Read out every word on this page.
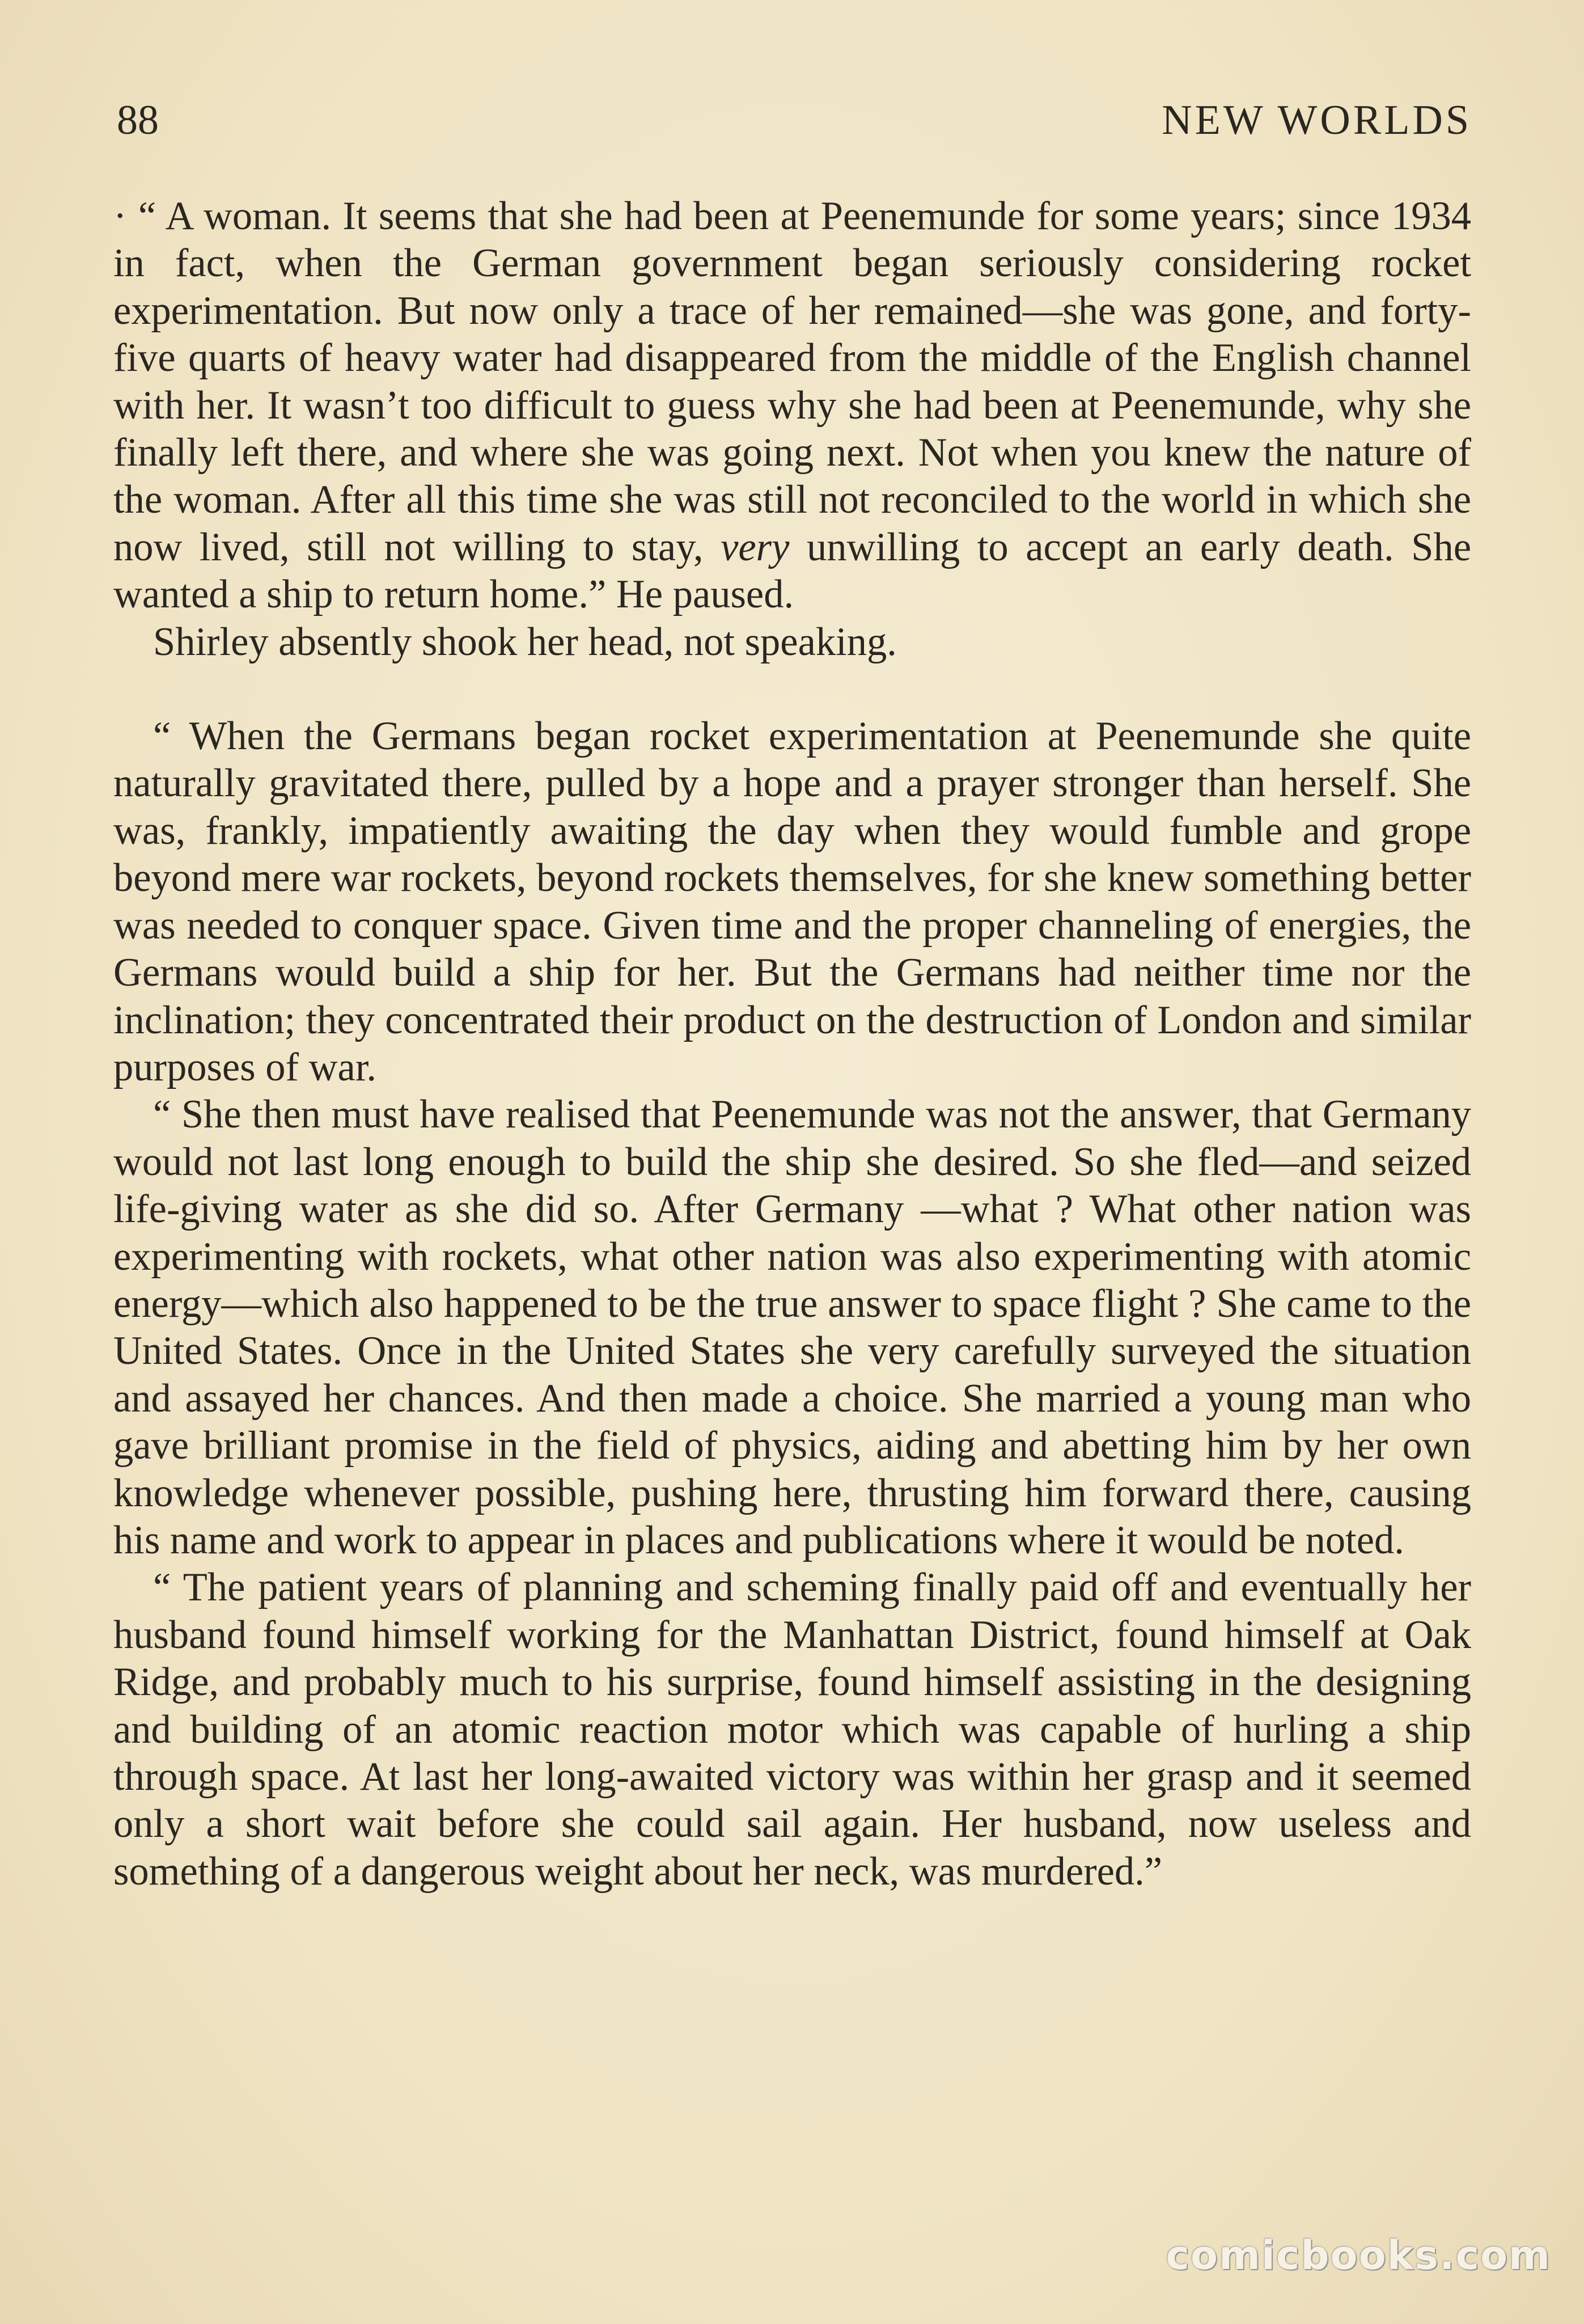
88	NEW WORLDS

· “ A woman. It seems that she had been at Peenemunde for some years; since 1934 in fact, when the German government began seriously considering rocket experimentation. But now only a trace of her remained—she was gone, and forty-five quarts of heavy water had disappeared from the middle of the English channel with her. It wasn’t too difficult to guess why she had been at Peenemunde, why she finally left there, and where she was going next. Not when you knew the nature of the woman. After all this time she was still not reconciled to the world in which she now lived, still not willing to stay, very unwilling to accept an early death. She wanted a ship to return home.” He paused.

Shirley absently shook her head, not speaking.

“ When the Germans began rocket experimentation at Peenemunde she quite naturally gravitated there, pulled by a hope and a prayer stronger than herself. She was, frankly, impatiently awaiting the day when they would fumble and grope beyond mere war rockets, beyond rockets themselves, for she knew something better was needed to conquer space. Given time and the proper channeling of energies, the Germans would build a ship for her. But the Germans had neither time nor the inclination; they concentrated their product on the destruction of London and similar purposes of war.

“ She then must have realised that Peenemunde was not the answer, that Germany would not last long enough to build the ship she desired. So she fled—and seized life-giving water as she did so. After Germany —what ? What other nation was experimenting with rockets, what other nation was also experimenting with atomic energy—which also happened to be the true answer to space flight ? She came to the United States. Once in the United States she very carefully surveyed the situation and assayed her chances. And then made a choice. She married a young man who gave brilliant promise in the field of physics, aiding and abetting him by her own knowledge whenever possible, pushing here, thrusting him forward there, causing his name and work to appear in places and publications where it would be noted.

“ The patient years of planning and scheming finally paid off and eventually her husband found himself working for the Manhattan District, found himself at Oak Ridge, and probably much to his surprise, found himself assisting in the designing and building of an atomic reaction motor which was capable of hurling a ship through space. At last her long-awaited victory was within her grasp and it seemed only a short wait before she could sail again. Her husband, now useless and something of a dangerous weight about her neck, was murdered.”

comicbooks.com
